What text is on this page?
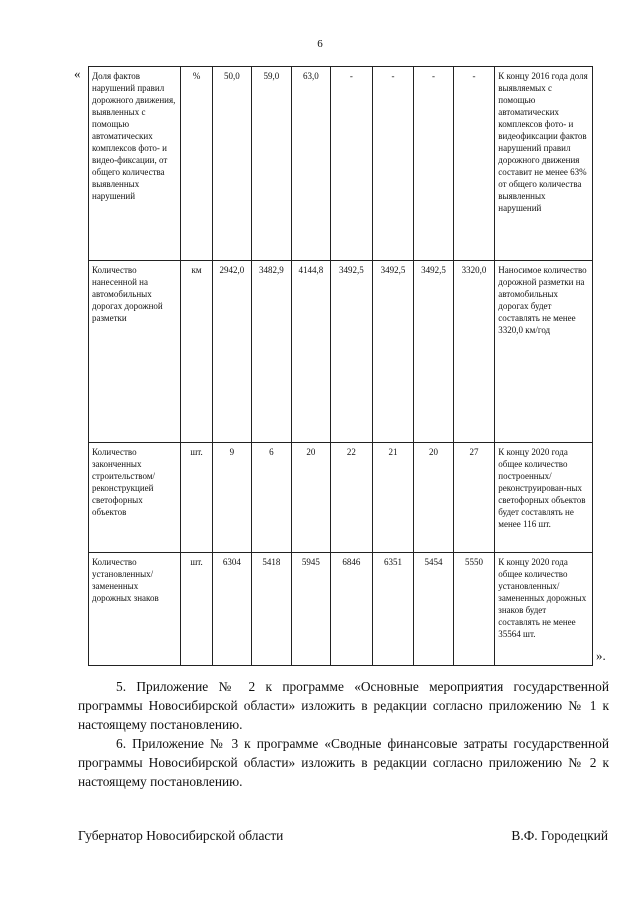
6
« Доля фактов нарушений правил дорожного движения, выявленных с помощью автоматических комплексов фото- и видео-фиксации, от общего количества выявленных нарушений	%	50,0	59,0	63,0	-	-	-	-	К концу 2016 года доля выявляемых с помощью автоматических комплексов фото- и видеофиксации фактов нарушений правил дорожного движения составит не менее 63% от общего количества выявленных нарушений
Количество нанесенной на автомобильных дорогах дорожной разметки	км	2942,0	3482,9	4144,8	3492,5	3492,5	3492,5	3320,0	Наносимое количество дорожной разметки на автомобильных дорогах будет составлять не менее 3320,0 км/год
Количество законченных строительством/ реконструкцией светофорных объектов	шт.	9	6	20	22	21	20	27	К концу 2020 года общее количество построенных/ реконструирован-ных светофорных объектов будет составлять не менее 116 шт.
Количество установленных/ замененных дорожных знаков	шт.	6304	5418	5945	6846	6351	5454	5550	К концу 2020 года общее количество установленных/ замененных дорожных знаков будет составлять не менее 35564 шт.
».
5. Приложение № 2 к программе «Основные мероприятия государственной программы Новосибирской области» изложить в редакции согласно приложению № 1 к настоящему постановлению.
6. Приложение № 3 к программе «Сводные финансовые затраты государственной программы Новосибирской области» изложить в редакции согласно приложению № 2 к настоящему постановлению.
Губернатор Новосибирской области	В.Ф. Городецкий
